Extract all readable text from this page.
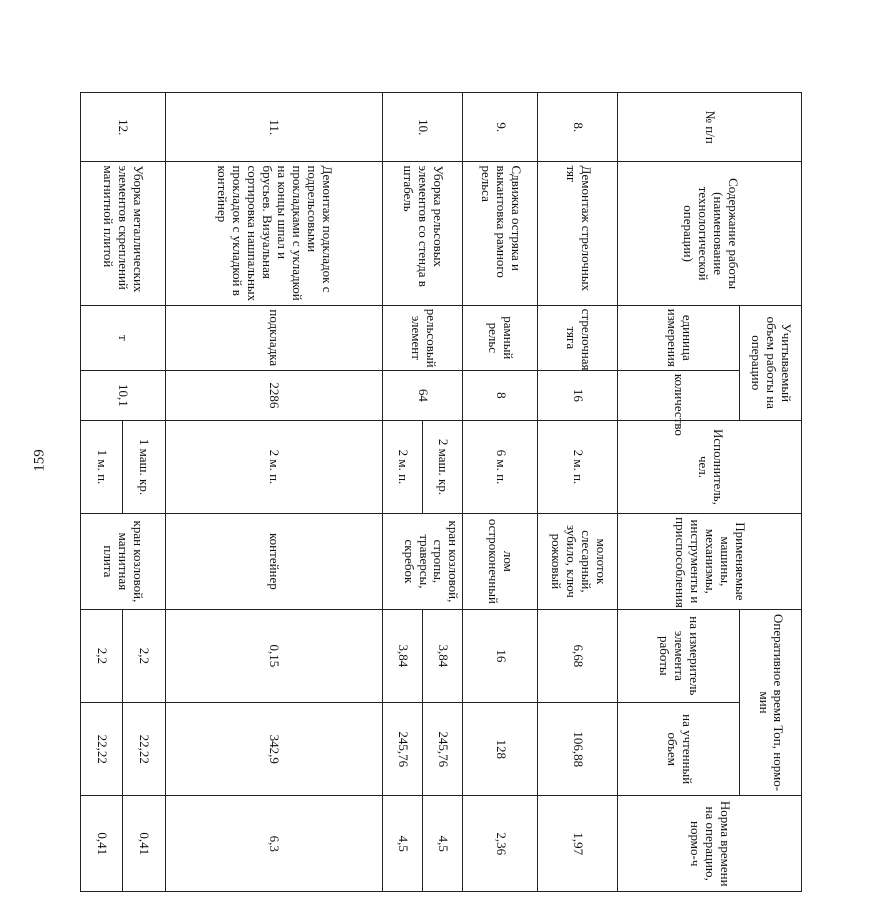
159
№ п/п	Содержание работы (наименование технологической операции)	Учитываемый объем работы на операцию		Исполнитель, чел.	Применяемые машины, механизмы, инструменты и приспособления	Оперативное время Топ, нормо-мин		Норма времени на операцию, нормо-ч
		единица измерения	количество			на измеритель элемента работы	на учтенный объем	
8.	Демонтаж стрелочных тяг	стрелочная тяга	16	2 м. п.	молоток слесарный, зубило, ключ рожковый	6,68	106,88	1,97
9.	Сдвижка остряка и выкантовка рамного рельса	рамный рельс	8	6 м. п.	лом остроконечный	16	128	2,36
10.	Уборка рельсовых элементов со стенда в штабель	рельсовый элемент	64	2 маш. кр.	кран козловой, стропы, траверсы, скребок	3,84	245,76	4,5
				2 м. п.		3,84	245,76	4,5
11.	Демонтаж подкладок с подрельсовыми прокладками с укладкой на концы шпал и брусьев. Визуальная сортировка нашпальных прокладок с укладкой в контейнер	подкладка	2286	2 м. п.	контейнер	0,15	342,9	6,3
12.	Уборка металлических элементов скреплений магнитной плитой	т	10,1	1 маш. кр.	кран козловой, магнитная плита	2,2	22,22	0,41
				1 м. п.		2,2	22,22	0,41
